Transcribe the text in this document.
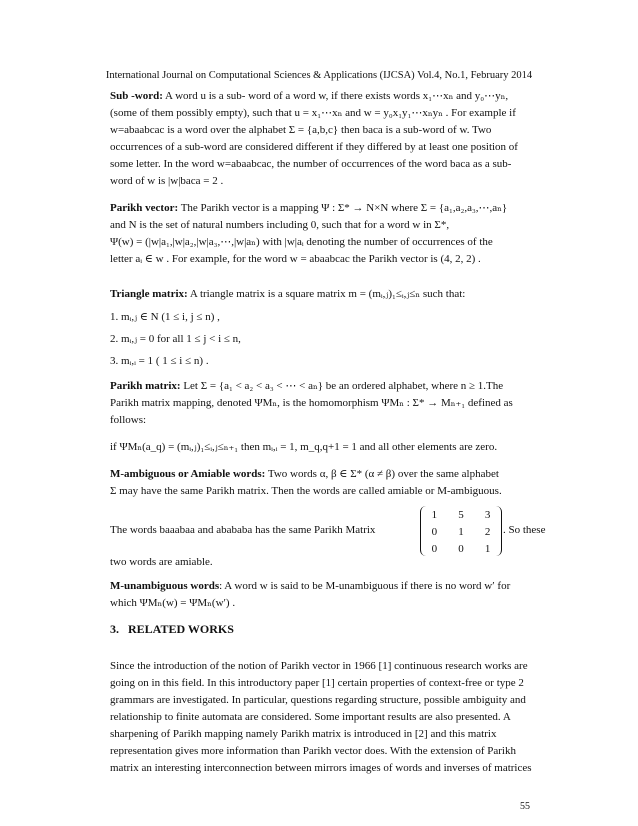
International Journal on Computational Sciences & Applications (IJCSA) Vol.4, No.1, February 2014

Sub -word: A word u is a sub- word of a word w, if there exists words x₁⋯xₙ and y₀⋯yₙ,

(some of them possibly empty), such that u = x₁⋯xₙ and w = y₀x₁y₁⋯xₙyₙ . For example if

w=abaabcac is a word over the alphabet Σ = {a,b,c} then baca is a sub-word of w. Two

occurrences of a sub-word are considered different if they differed by at least one position of

some letter. In the word w=abaabcac, the number of occurrences of the word baca as a sub-

word of w is |w|baca = 2 .

Parikh vector: The Parikh vector is a mapping Ψ : Σ* → N×N where Σ = {a₁,a₂,a₃,⋯,aₙ}

and N is the set of natural numbers including 0, such that for a word w in Σ*,

Ψ(w) = (|w|a₁,|w|a₂,|w|a₃,⋯,|w|aₙ) with |w|aᵢ denoting the number of occurrences of the

letter aᵢ ∈ w . For example, for the word w = abaabcac the Parikh vector is (4, 2, 2) .

Triangle matrix: A triangle matrix is a square matrix m = (mᵢ,ⱼ)₁≤ᵢ,ⱼ≤ₙ such that:

1. mᵢ,ⱼ ∈ N (1 ≤ i, j ≤ n) ,

2. mᵢ,ⱼ = 0 for all 1 ≤ j < i ≤ n,

3. mᵢ,ᵢ = 1 ( 1 ≤ i ≤ n) .

Parikh matrix: Let Σ = {a₁ < a₂ < a₃ < ⋯ < aₙ} be an ordered alphabet, where n ≥ 1.The

Parikh matrix mapping, denoted ΨMₙ, is the homomorphism ΨMₙ : Σ* → Mₙ₊₁ defined as

follows:

if ΨMₙ(a_q) = (mᵢ,ⱼ)₁≤ᵢ,ⱼ≤ₙ₊₁ then mᵢ,ᵢ = 1, m_q,q+1 = 1 and all other elements are zero.

M-ambiguous or Amiable words: Two words α, β ∈ Σ* (α ≠ β) over the same alphabet

Σ may have the same Parikh matrix. Then the words are called amiable or M-ambiguous.

The words baaabaa and abababa has the same Parikh Matrix	. So these
1	5	3
0	1	2
0	0	1
two words are amiable.

M-unambiguous words: A word w is said to be M-unambiguous if there is no word w′ for

which ΨMₙ(w) = ΨMₙ(w′) .

3. RELATED WORKS

Since the introduction of the notion of Parikh vector in 1966 [1] continuous research works are

going on in this field. In this introductory paper [1] certain properties of context-free or type 2

grammars are investigated. In particular, questions regarding structure, possible ambiguity and

relationship to finite automata are considered. Some important results are also presented. A

sharpening of Parikh mapping namely Parikh matrix is introduced in [2] and this matrix

representation gives more information than Parikh vector does. With the extension of Parikh

matrix an interesting interconnection between mirrors images of words and inverses of matrices

55
